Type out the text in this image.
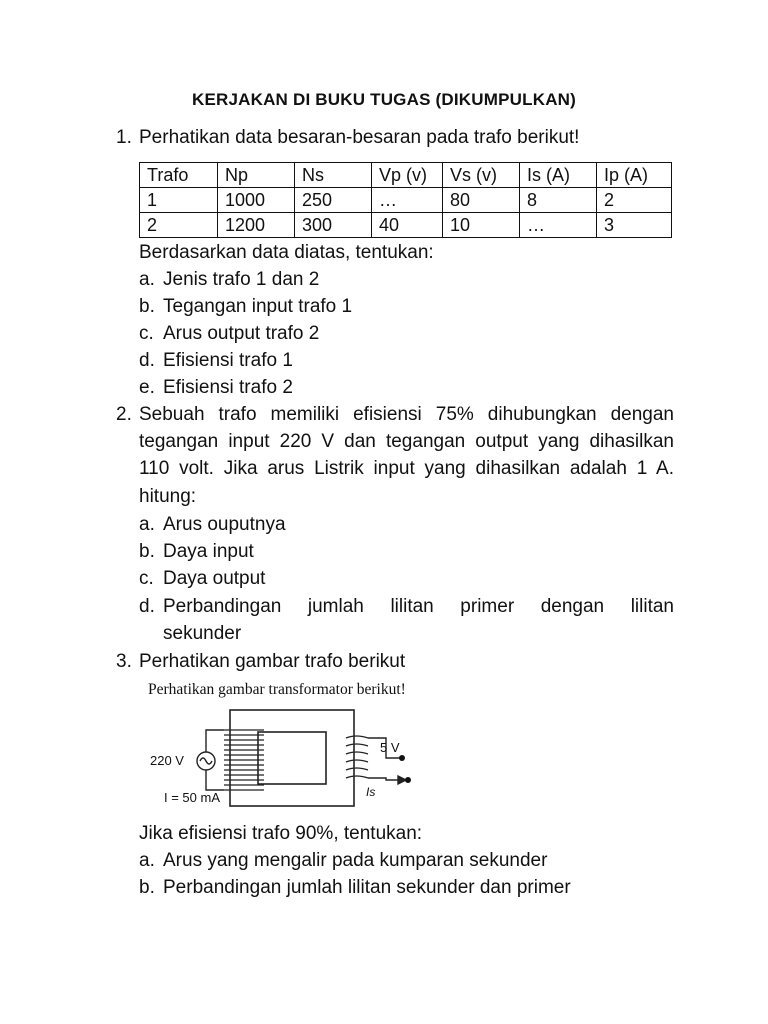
KERJAKAN DI BUKU TUGAS (DIKUMPULKAN)
1. Perhatikan data besaran-besaran pada trafo berikut!
Trafo	Np	Ns	Vp (v)	Vs (v)	Is (A)	Ip (A)
1	1000	250	…	80	8	2
2	1200	300	40	10	…	3
Berdasarkan data diatas, tentukan:
a. Jenis trafo 1 dan 2
b. Tegangan input trafo 1
c. Arus output trafo 2
d. Efisiensi trafo 1
e. Efisiensi trafo 2
2. Sebuah trafo memiliki efisiensi 75% dihubungkan dengan
tegangan input 220 V dan tegangan output yang dihasilkan
110 volt. Jika arus Listrik input yang dihasilkan adalah 1 A.
hitung:
a. Arus ouputnya
b. Daya input
c. Daya output
d. Perbandingan jumlah lilitan primer dengan lilitan
sekunder
3. Perhatikan gambar trafo berikut
Perhatikan gambar transformator berikut!
220 V
I = 50 mA
5 V
Is
Jika efisiensi trafo 90%, tentukan:
a. Arus yang mengalir pada kumparan sekunder
b. Perbandingan jumlah lilitan sekunder dan primer
